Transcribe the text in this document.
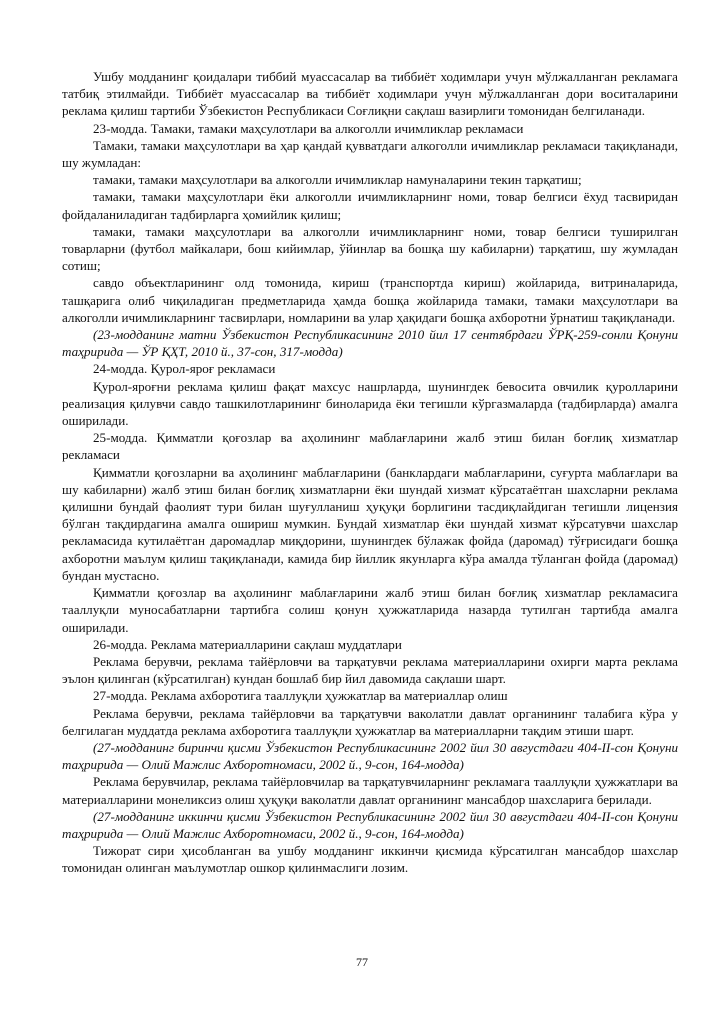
Ушбу модданинг қоидалари тиббий муассасалар ва тиббиёт ходимлари учун мўлжалланган рекламага татбиқ этилмайди. Тиббиёт муассасалар ва тиббиёт ходимлари учун мўлжалланган дори воситаларини реклама қилиш тартиби Ўзбекистон Республикаси Соғлиқни сақлаш вазирлиги томонидан белгиланади.

23-модда. Тамаки, тамаки маҳсулотлари ва алкоголли ичимликлар рекламаси

Тамаки, тамаки маҳсулотлари ва ҳар қандай қувватдаги алкоголли ичимликлар рекламаси тақиқланади, шу жумладан:

тамаки, тамаки маҳсулотлари ва алкоголли ичимликлар намуналарини текин тарқатиш;

тамаки, тамаки маҳсулотлари ёки алкоголли ичимликларнинг номи, товар белгиси ёхуд тасвиридан фойдаланиладиган тадбирларга ҳомийлик қилиш;

тамаки, тамаки маҳсулотлари ва алкоголли ичимликларнинг номи, товар белгиси туширилган товарларни (футбол майкалари, бош кийимлар, ўйинлар ва бошқа шу кабиларни) тарқатиш, шу жумладан сотиш;

савдо объектларининг олд томонида, кириш (транспортда кириш) жойларида, витриналарида, ташқарига олиб чиқиладиган предметларида ҳамда бошқа жойларида тамаки, тамаки маҳсулотлари ва алкоголли ичимликларнинг тасвирлари, номларини ва улар ҳақидаги бошқа ахборотни ўрнатиш тақиқланади.

(23-модданинг матни Ўзбекистон Республикасининг 2010 йил 17 сентябрдаги ЎРҚ-259-сонли Қонуни таҳририда — ЎР ҚҲТ, 2010 й., 37-сон, 317-модда)

24-модда. Қурол-яроғ рекламаси

Қурол-яроғни реклама қилиш фақат махсус нашрларда, шунингдек бевосита овчилик қуролларини реализация қилувчи савдо ташкилотларининг биноларида ёки тегишли кўргазмаларда (тадбирларда) амалга оширилади.

25-модда. Қимматли қоғозлар ва аҳолининг маблағларини жалб этиш билан боғлиқ хизматлар рекламаси

Қимматли қоғозларни ва аҳолининг маблағларини (банклардаги маблағларини, суғурта маблағлари ва шу кабиларни) жалб этиш билан боғлиқ хизматларни ёки шундай хизмат кўрсатаётган шахсларни реклама қилишни бундай фаолият тури билан шуғулланиш ҳуқуқи борлигини тасдиқлайдиган тегишли лицензия бўлган тақдирдагина амалга ошириш мумкин. Бундай хизматлар ёки шундай хизмат кўрсатувчи шахслар рекламасида кутилаётган даромадлар миқдорини, шунингдек бўлажак фойда (даромад) тўғрисидаги бошқа ахборотни маълум қилиш тақиқланади, камида бир йиллик якунларга кўра амалда тўланган фойда (даромад) бундан мустасно.

Қимматли қоғозлар ва аҳолининг маблағларини жалб этиш билан боғлиқ хизматлар рекламасига тааллуқли муносабатларни тартибга солиш қонун ҳужжатларида назарда тутилган тартибда амалга оширилади.

26-модда. Реклама материалларини сақлаш муддатлари

Реклама берувчи, реклама тайёрловчи ва тарқатувчи реклама материалларини охирги марта реклама эълон қилинган (кўрсатилган) кундан бошлаб бир йил давомида сақлаши шарт.

27-модда. Реклама ахборотига тааллуқли ҳужжатлар ва материаллар олиш

Реклама берувчи, реклама тайёрловчи ва тарқатувчи ваколатли давлат органининг талабига кўра у белгилаган муддатда реклама ахборотига тааллуқли ҳужжатлар ва материалларни тақдим этиши шарт.

(27-модданинг биринчи қисми Ўзбекистон Республикасининг 2002 йил 30 августдаги 404-II-сон Қонуни таҳририда — Олий Мажлис Ахборотномаси, 2002 й., 9-сон, 164-модда)

Реклама берувчилар, реклама тайёрловчилар ва тарқатувчиларнинг рекламага тааллуқли ҳужжатлари ва материалларини монеликсиз олиш ҳуқуқи ваколатли давлат органининг мансабдор шахсларига берилади.

(27-модданинг иккинчи қисми Ўзбекистон Республикасининг 2002 йил 30 августдаги 404-II-сон Қонуни таҳририда — Олий Мажлис Ахборотномаси, 2002 й., 9-сон, 164-модда)

Тижорат сири ҳисобланган ва ушбу модданинг иккинчи қисмида кўрсатилган мансабдор шахслар томонидан олинган маълумотлар ошкор қилинмаслиги лозим.

77
